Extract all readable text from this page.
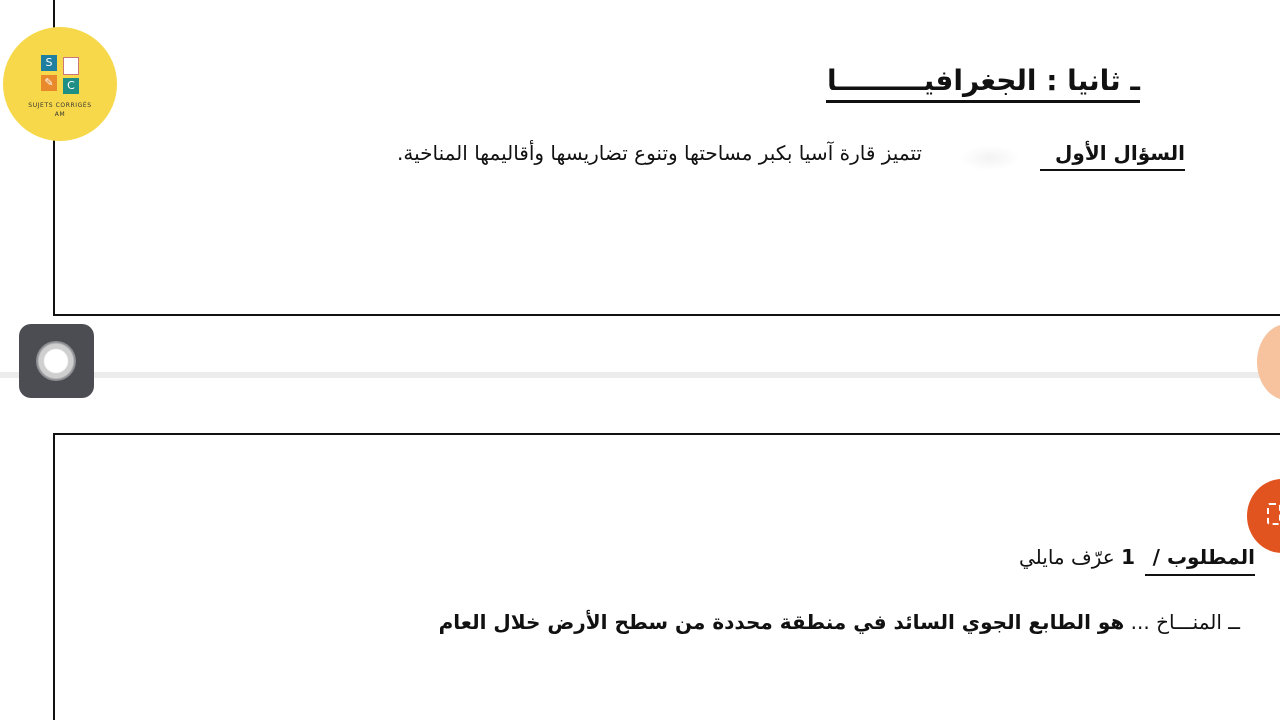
S
✎	C
SUJETS CORRIGÉS
AM
ـ ثانيا : الجغرافيـــــــــا
السؤال الأول
تتميز قارة آسيا بكبر مساحتها وتنوع تضاريسها وأقاليمها المناخية.
المطلوب /
1 عرّف مايلي
ــ المنـــاخ ... هو الطابع الجوي السائد في منطقة محددة من سطح الأرض خلال العام
